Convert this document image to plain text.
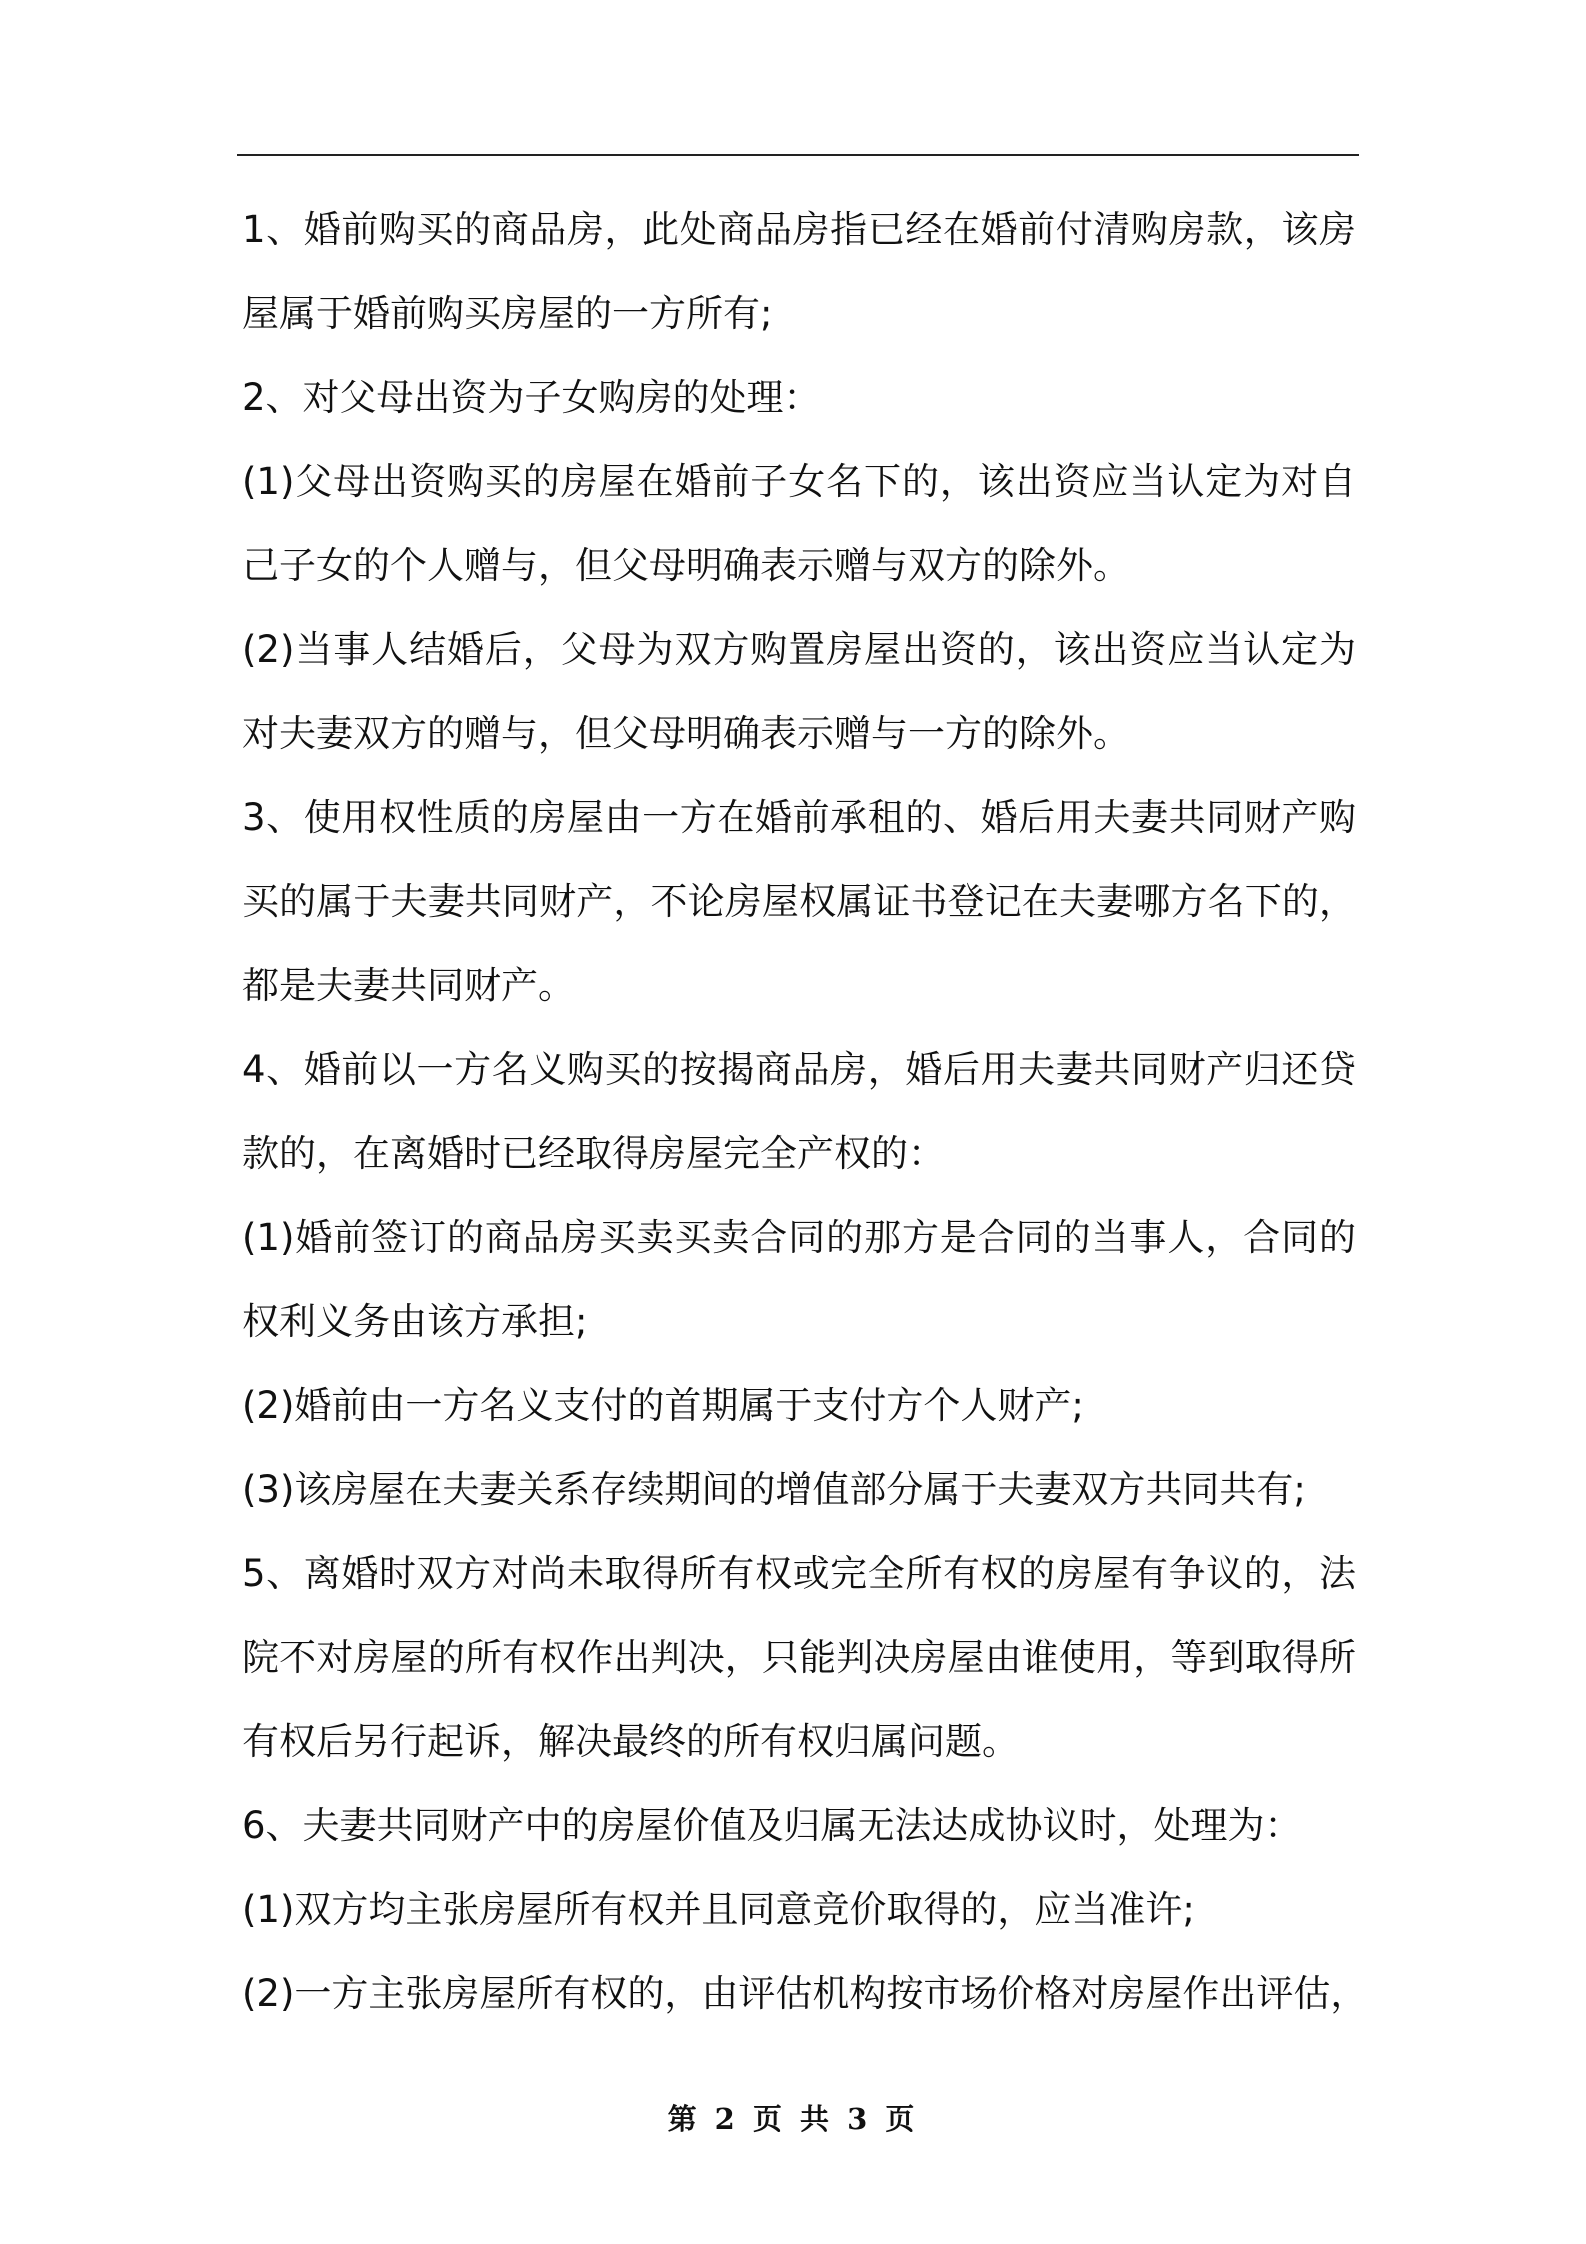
1、婚前购买的商品房，此处商品房指已经在婚前付清购房款，该房
屋属于婚前购买房屋的一方所有;
2、对父母出资为子女购房的处理：
(1)父母出资购买的房屋在婚前子女名下的，该出资应当认定为对自
己子女的个人赠与，但父母明确表示赠与双方的除外。
(2)当事人结婚后，父母为双方购置房屋出资的，该出资应当认定为
对夫妻双方的赠与，但父母明确表示赠与一方的除外。
3、使用权性质的房屋由一方在婚前承租的、婚后用夫妻共同财产购
买的属于夫妻共同财产，不论房屋权属证书登记在夫妻哪方名下的，
都是夫妻共同财产。
4、婚前以一方名义购买的按揭商品房，婚后用夫妻共同财产归还贷
款的，在离婚时已经取得房屋完全产权的：
(1)婚前签订的商品房买卖买卖合同的那方是合同的当事人，合同的
权利义务由该方承担;
(2)婚前由一方名义支付的首期属于支付方个人财产;
(3)该房屋在夫妻关系存续期间的增值部分属于夫妻双方共同共有;
5、离婚时双方对尚未取得所有权或完全所有权的房屋有争议的，法
院不对房屋的所有权作出判决，只能判决房屋由谁使用，等到取得所
有权后另行起诉，解决最终的所有权归属问题。
6、夫妻共同财产中的房屋价值及归属无法达成协议时，处理为：
(1)双方均主张房屋所有权并且同意竞价取得的，应当准许;
(2)一方主张房屋所有权的，由评估机构按市场价格对房屋作出评估，
第 2 页 共 3 页
